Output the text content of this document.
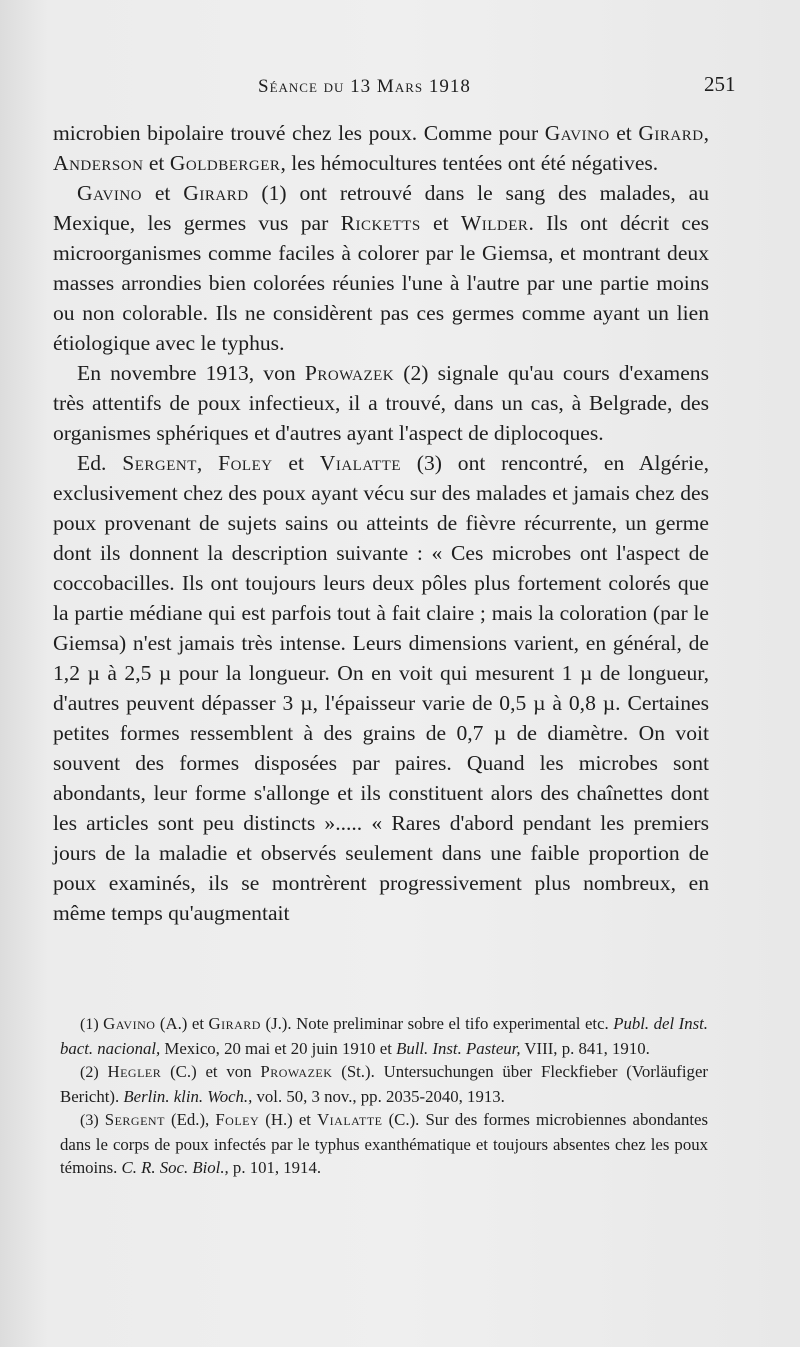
Séance du 13 Mars 1918	251

microbien bipolaire trouvé chez les poux. Comme pour Gavino et Girard, Anderson et Goldberger, les hémocultures tentées ont été négatives.

Gavino et Girard (1) ont retrouvé dans le sang des malades, au Mexique, les germes vus par Ricketts et Wilder. Ils ont décrit ces microorganismes comme faciles à colorer par le Giemsa, et montrant deux masses arrondies bien colorées réunies l'une à l'autre par une partie moins ou non colorable. Ils ne considèrent pas ces germes comme ayant un lien étiologique avec le typhus.

En novembre 1913, von Prowazek (2) signale qu'au cours d'examens très attentifs de poux infectieux, il a trouvé, dans un cas, à Belgrade, des organismes sphériques et d'autres ayant l'aspect de diplocoques.

Ed. Sergent, Foley et Vialatte (3) ont rencontré, en Algérie, exclusivement chez des poux ayant vécu sur des malades et jamais chez des poux provenant de sujets sains ou atteints de fièvre récurrente, un germe dont ils donnent la description suivante : « Ces microbes ont l'aspect de coccobacilles. Ils ont toujours leurs deux pôles plus fortement colorés que la partie médiane qui est parfois tout à fait claire ; mais la coloration (par le Giemsa) n'est jamais très intense. Leurs dimensions varient, en général, de 1,2 µ à 2,5 µ pour la longueur. On en voit qui mesurent 1 µ de longueur, d'autres peuvent dépasser 3 µ, l'épaisseur varie de 0,5 µ à 0,8 µ. Certaines petites formes ressemblent à des grains de 0,7 µ de diamètre. On voit souvent des formes disposées par paires. Quand les microbes sont abondants, leur forme s'allonge et ils constituent alors des chaînettes dont les articles sont peu distincts »..... « Rares d'abord pendant les premiers jours de la maladie et observés seulement dans une faible proportion de poux examinés, ils se montrèrent progressivement plus nombreux, en même temps qu'augmentait

(1) Gavino (A.) et Girard (J.). Note preliminar sobre el tifo experimental etc. Publ. del Inst. bact. nacional, Mexico, 20 mai et 20 juin 1910 et Bull. Inst. Pasteur, VIII, p. 841, 1910.

(2) Hegler (C.) et von Prowazek (St.). Untersuchungen über Fleckfieber (Vorläufiger Bericht). Berlin. klin. Woch., vol. 50, 3 nov., pp. 2035-2040, 1913.

(3) Sergent (Ed.), Foley (H.) et Vialatte (C.). Sur des formes microbiennes abondantes dans le corps de poux infectés par le typhus exanthématique et toujours absentes chez les poux témoins. C. R. Soc. Biol., p. 101, 1914.
